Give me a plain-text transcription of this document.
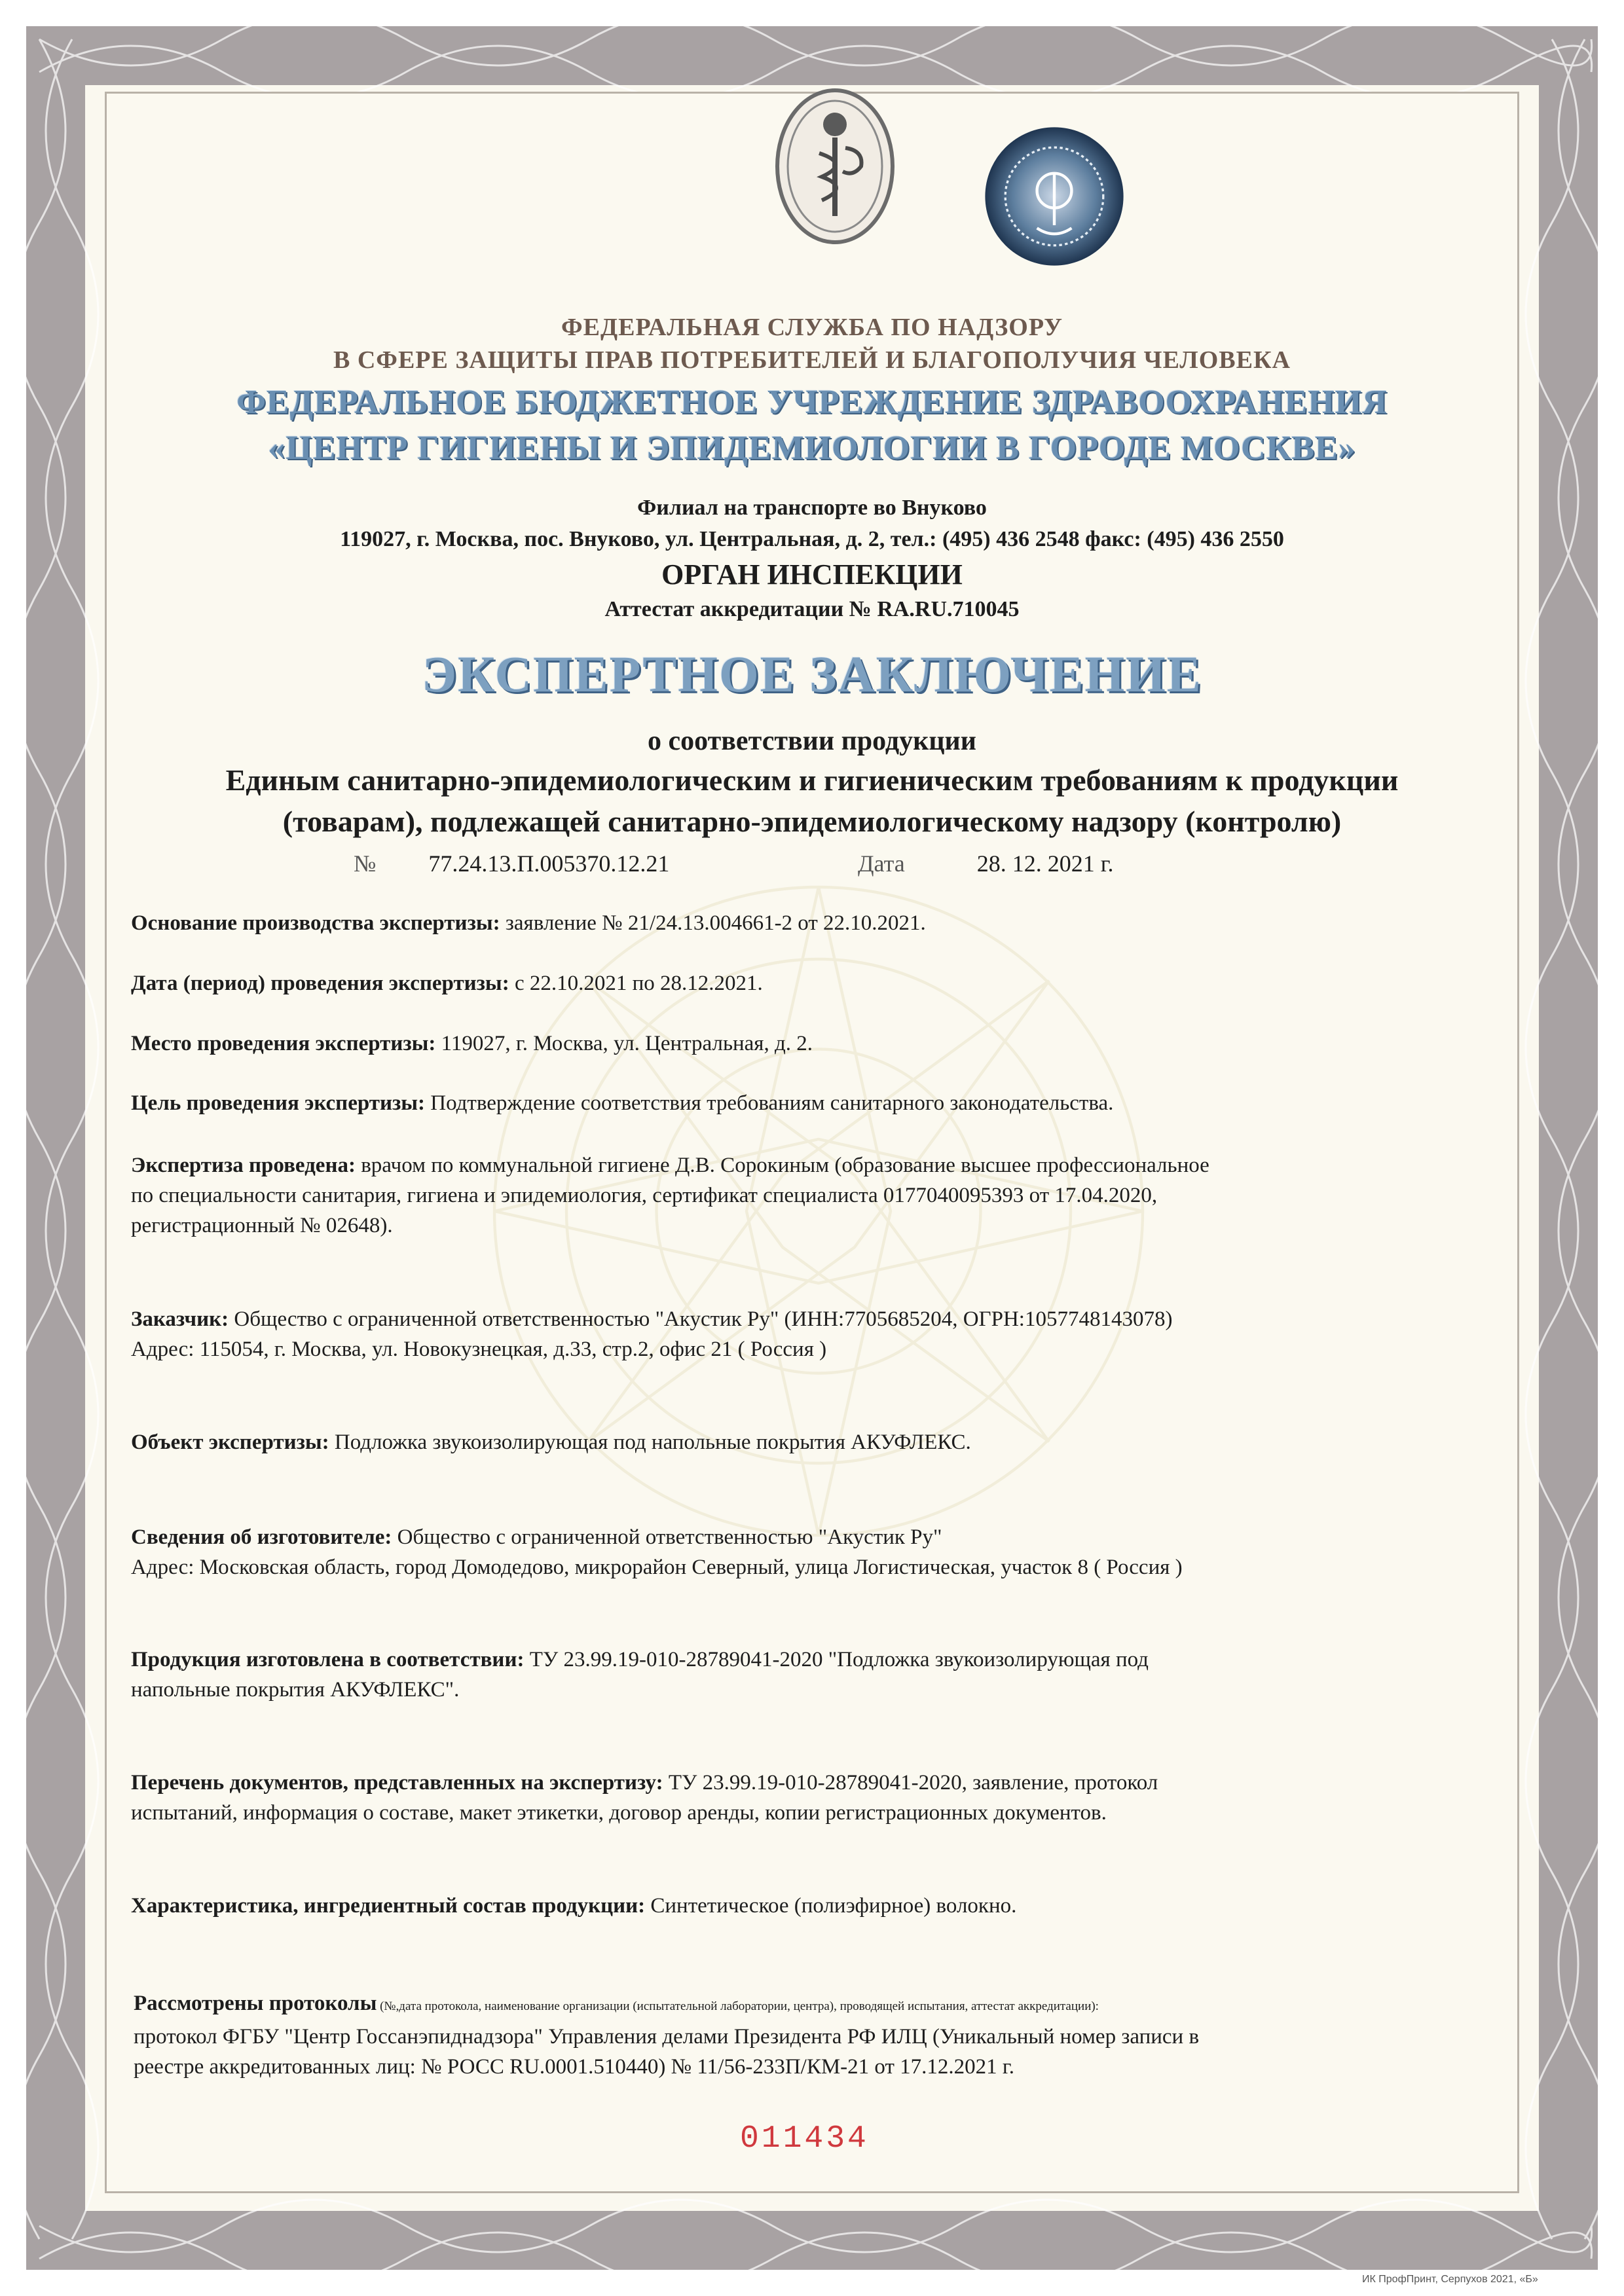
ФЕДЕРАЛЬНАЯ СЛУЖБА ПО НАДЗОРУ
В СФЕРЕ ЗАЩИТЫ ПРАВ ПОТРЕБИТЕЛЕЙ И БЛАГОПОЛУЧИЯ ЧЕЛОВЕКА
ФЕДЕРАЛЬНОЕ БЮДЖЕТНОЕ УЧРЕЖДЕНИЕ ЗДРАВООХРАНЕНИЯ
«ЦЕНТР ГИГИЕНЫ И ЭПИДЕМИОЛОГИИ В ГОРОДЕ МОСКВЕ»
Филиал на транспорте во Внуково
119027, г. Москва, пос. Внуково, ул. Центральная, д. 2, тел.: (495) 436 2548 факс: (495) 436 2550
ОРГАН ИНСПЕКЦИИ
Аттестат аккредитации № RA.RU.710045
ЭКСПЕРТНОЕ ЗАКЛЮЧЕНИЕ
о соответствии продукции
Единым санитарно-эпидемиологическим и гигиеническим требованиям к продукции
(товарам), подлежащей санитарно-эпидемиологическому надзору (контролю)
№ 77.24.13.П.005370.12.21	Дата	28. 12. 2021 г.
Основание производства экспертизы: заявление № 21/24.13.004661-2 от 22.10.2021.
Дата (период) проведения экспертизы: с 22.10.2021 по 28.12.2021.
Место проведения экспертизы: 119027, г. Москва, ул. Центральная, д. 2.
Цель проведения экспертизы: Подтверждение соответствия требованиям санитарного законодательства.
Экспертиза проведена: врачом по коммунальной гигиене Д.В. Сорокиным (образование высшее профессиональное
по специальности санитария, гигиена и эпидемиология, сертификат специалиста 0177040095393 от 17.04.2020,
регистрационный № 02648).
Заказчик: Общество с ограниченной ответственностью "Акустик Ру" (ИНН:7705685204, ОГРН:1057748143078)
Адрес: 115054, г. Москва, ул. Новокузнецкая, д.33, стр.2, офис 21 ( Россия )
Объект экспертизы: Подложка звукоизолирующая под напольные покрытия АКУФЛЕКС.
Сведения об изготовителе: Общество с ограниченной ответственностью "Акустик Ру"
Адрес: Московская область, город Домодедово, микрорайон Северный, улица Логистическая, участок 8 ( Россия )
Продукция изготовлена в соответствии: ТУ 23.99.19-010-28789041-2020 "Подложка звукоизолирующая под
напольные покрытия АКУФЛЕКС".
Перечень документов, представленных на экспертизу: ТУ 23.99.19-010-28789041-2020, заявление, протокол
испытаний, информация о составе, макет этикетки, договор аренды, копии регистрационных документов.
Характеристика, ингредиентный состав продукции: Синтетическое (полиэфирное) волокно.
Рассмотрены протоколы (№,дата протокола, наименование организации (испытательной лаборатории, центра), проводящей испытания, аттестат аккредитации):
протокол ФГБУ "Центр Госсанэпиднадзора" Управления делами Президента РФ ИЛЦ (Уникальный номер записи в
реестре аккредитованных лиц: № РОСС RU.0001.510440) № 11/56-233П/КМ-21 от 17.12.2021 г.
011434
ИК ПрофПринт, Серпухов 2021, «Б»
